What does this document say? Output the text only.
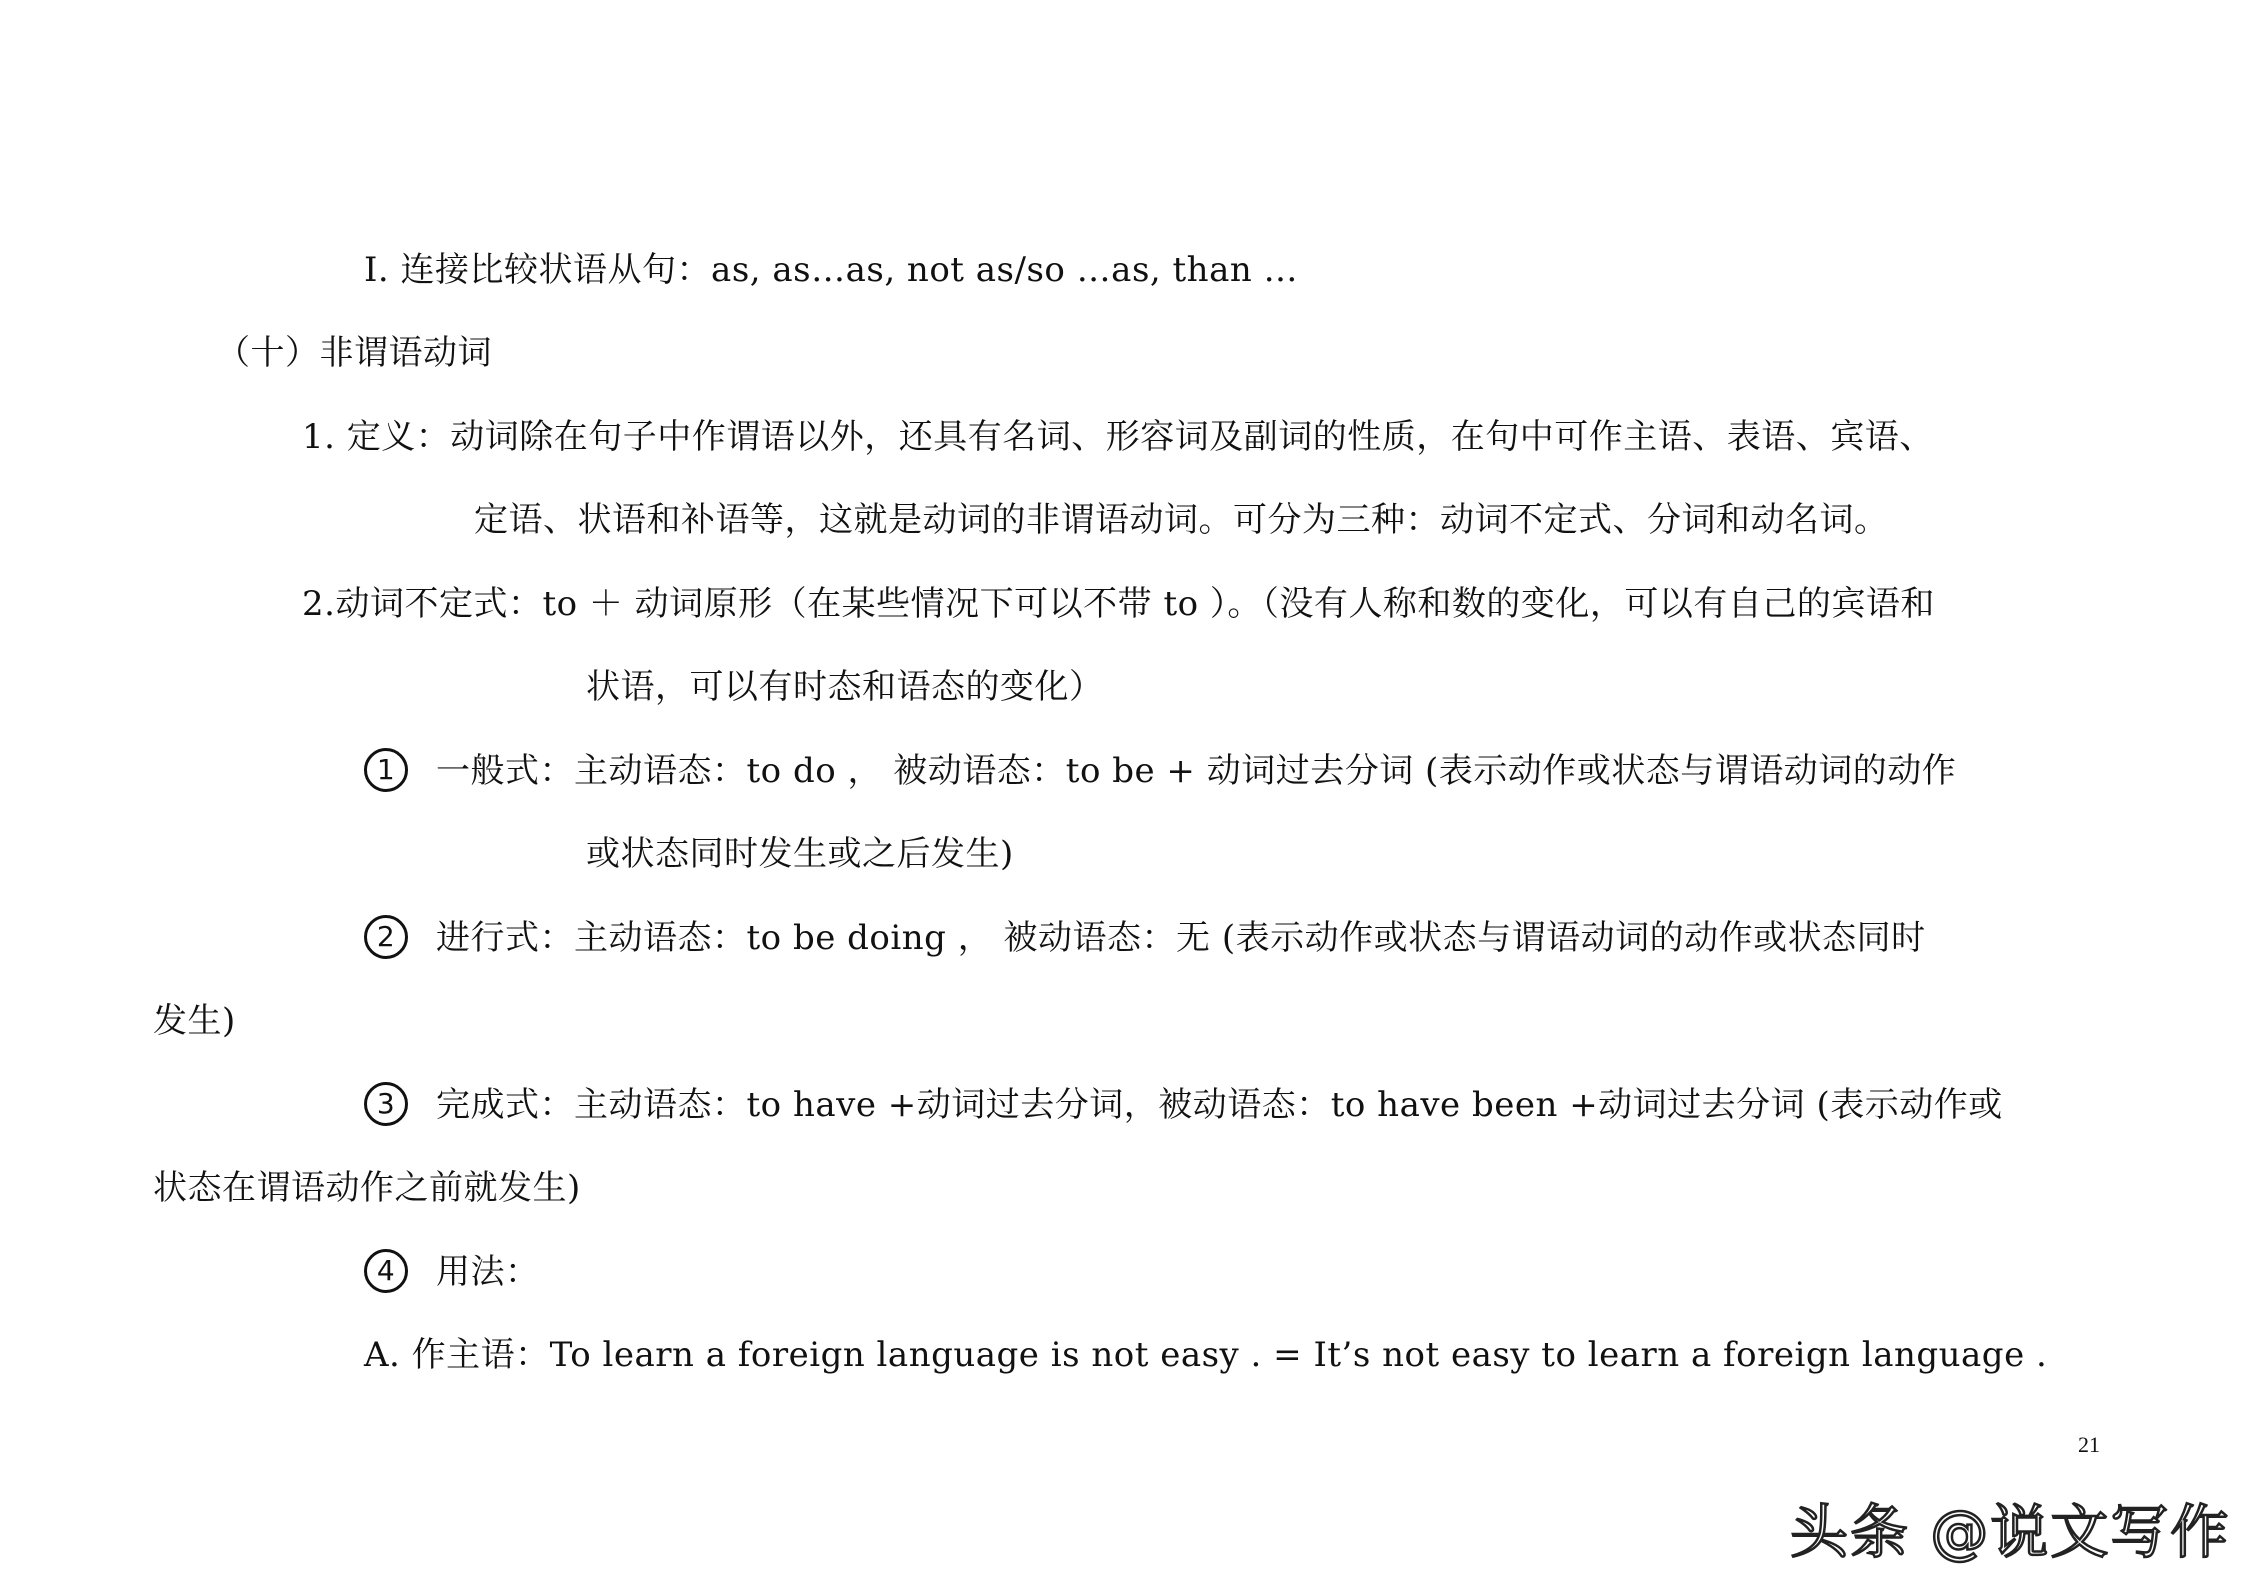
I. 连接比较状语从句：as, as…as, not as/so …as, than …
（十）非谓语动词
1. 定义：动词除在句子中作谓语以外，还具有名词、形容词及副词的性质，在句中可作主语、表语、宾语、
定语、状语和补语等，这就是动词的非谓语动词。可分为三种：动词不定式、分词和动名词。
2.动词不定式：to ＋ 动词原形（在某些情况下可以不带 to ）。（没有人称和数的变化，可以有自己的宾语和
状语，可以有时态和语态的变化）
1 一般式：主动语态：to do ， 被动语态：to be + 动词过去分词 (表示动作或状态与谓语动词的动作
或状态同时发生或之后发生)
2 进行式：主动语态：to be doing ， 被动语态：无 (表示动作或状态与谓语动词的动作或状态同时
发生)
3 完成式：主动语态：to have +动词过去分词，被动语态：to have been +动词过去分词 (表示动作或
状态在谓语动作之前就发生)
4 用法：
A. 作主语：To learn a foreign language is not easy . = It’s not easy to learn a foreign language .
21
头条 @说文写作
